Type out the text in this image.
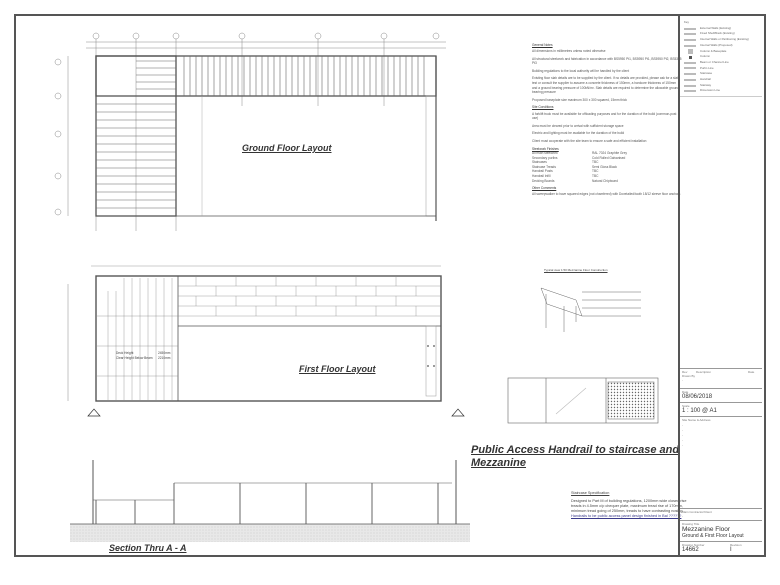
Ground Floor Layout
First Floor Layout
Section Thru A - A
Public Access Handrail to staircase and Mezzanine
Deck Height	2450mm
Clear Height Below Beam	2210mm
Typical view 1:50 Mezzanine Floor Construction
General Notes

All dimensions in millimetres unless noted otherwise

All structural steelwork and fabrication in accordance with BS5950 Pt1, BS5950 Pt1, BS5950 Pt2, BS5395 Pt3

Building regulations to the local authority will be handled by the client

Existing floor slab details are to be supplied by the client. If no details are provided, please ask for a slab test or consult the supplier to assume a concrete thickness of 150mm, a hardcore thickness of 150mm and a ground bearing pressure of 100kN/m². Slab details are required to determine the allowable ground bearing pressure

Proposed baseplate size maximum 300 x 300 squared, 15mm thick

Site Conditions

A forklift truck must be available for offloading purposes and for the duration of the build (common-post use)

Area must be cleared prior to arrival with sufficient storage space

Electric and lighting must be available for the duration of the build

Client must cooperate with the site team to ensure a safe and efficient installation

Steelwork Finishes
All main steelwork	RAL 7024 Graphite Grey
Secondary purlins	Cold Rolled Galvanised
Staircases	TBC
Staircase Treads	Semi Gloss Black
Handrail Posts	TBC
Handrail Infill	TBC
Decking Boards	Natural Chipboard
Other Comments

All sweepwalker to have squared edges (not chamfered) with Dovetailed/tooth 18/12 sleeve floor anchors

Staircase Specification
Designed to Part M of building regulations, 1200mm wide closed rise treads in 4.5mm c/p chequer plate, maximum tread rise of 170mm, minimum tread going of 250mm, treads to have contrasting nosing.
Handrails to be public access panel design finished in Bal ??????
Key
External Walls (Existing)
Fixed Shelf/Rack (Existing)
Internal Walls or Partitioning (Existing)
Internal Walls (Proposed)
Column & Baseplate
Column
Beam or Channel Line
Purlin Line
Staircase
Handrail
Stairway
Dimension Line
Rev	Description	Date
Drawn By
-
Date
08/06/2018
Scale
1 : 100 @ A1
Site Name & Address
-
-
-
-
-
Main Contractor/Client
-
Drawing Title
Mezzanine Floor
Ground & First Floor Layout
Drawing Number	Revision
14662	I
